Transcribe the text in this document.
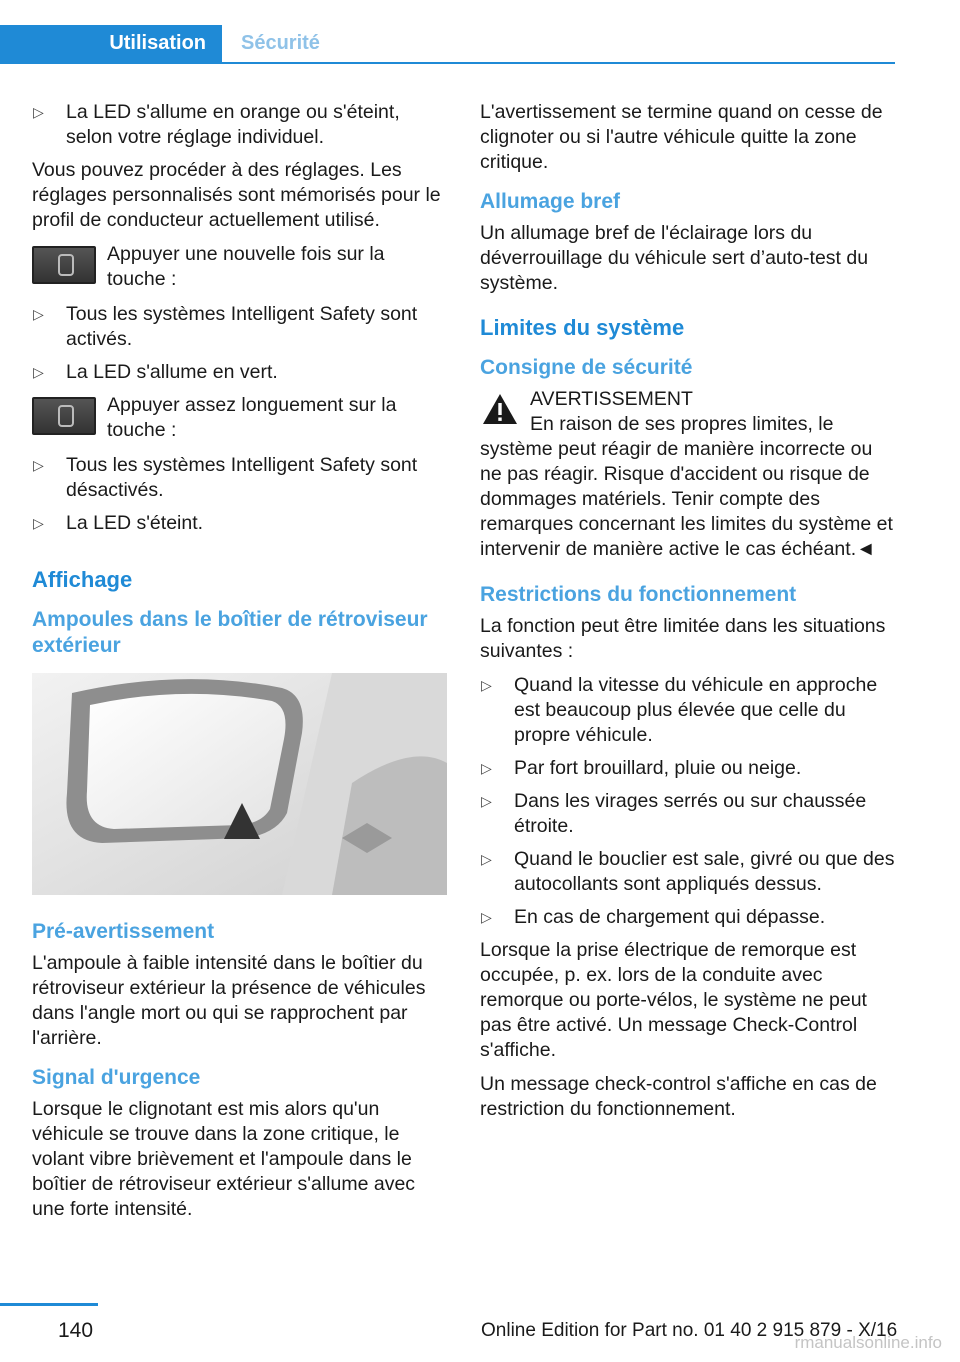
Utilisation	Sécurité
▷ La LED s'allume en orange ou s'éteint, selon votre réglage individuel.

Vous pouvez procéder à des réglages. Les réglages personnalisés sont mémorisés pour le profil de conducteur actuellement utilisé.

Appuyer une nouvelle fois sur la touche :
▷ Tous les systèmes Intelligent Safety sont activés.
▷ La LED s'allume en vert.
Appuyer assez longuement sur la touche :
▷ Tous les systèmes Intelligent Safety sont désactivés.
▷ La LED s'éteint.
Affichage
Ampoules dans le boîtier de rétroviseur extérieur
Pré-avertissement

L'ampoule à faible intensité dans le boîtier du rétroviseur extérieur la présence de véhicules dans l'angle mort ou qui se rapprochent par l'arrière.

Signal d'urgence

Lorsque le clignotant est mis alors qu'un véhicule se trouve dans la zone critique, le volant vibre brièvement et l'ampoule dans le boîtier de rétroviseur extérieur s'allume avec une forte intensité.

L'avertissement se termine quand on cesse de clignoter ou si l'autre véhicule quitte la zone critique.

Allumage bref

Un allumage bref de l'éclairage lors du déverrouillage du véhicule sert d’auto-test du système.

Limites du système
Consigne de sécurité
AVERTISSEMENT

En raison de ses propres limites, le système peut réagir de manière incorrecte ou ne pas réagir. Risque d'accident ou risque de dommages matériels. Tenir compte des remarques concernant les limites du système et intervenir de manière active le cas échéant.◄

Restrictions du fonctionnement

La fonction peut être limitée dans les situations suivantes :

▷ Quand la vitesse du véhicule en approche est beaucoup plus élevée que celle du propre véhicule.
▷ Par fort brouillard, pluie ou neige.
▷ Dans les virages serrés ou sur chaussée étroite.
▷ Quand le bouclier est sale, givré ou que des autocollants sont appliqués dessus.
▷ En cas de chargement qui dépasse.

Lorsque la prise électrique de remorque est occupée, p. ex. lors de la conduite avec remorque ou porte-vélos, le système ne peut pas être activé. Un message Check-Control s'affiche.

Un message check-control s'affiche en cas de restriction du fonctionnement.

140	Online Edition for Part no. 01 40 2 915 879 - X/16
rmanualsonline.info
